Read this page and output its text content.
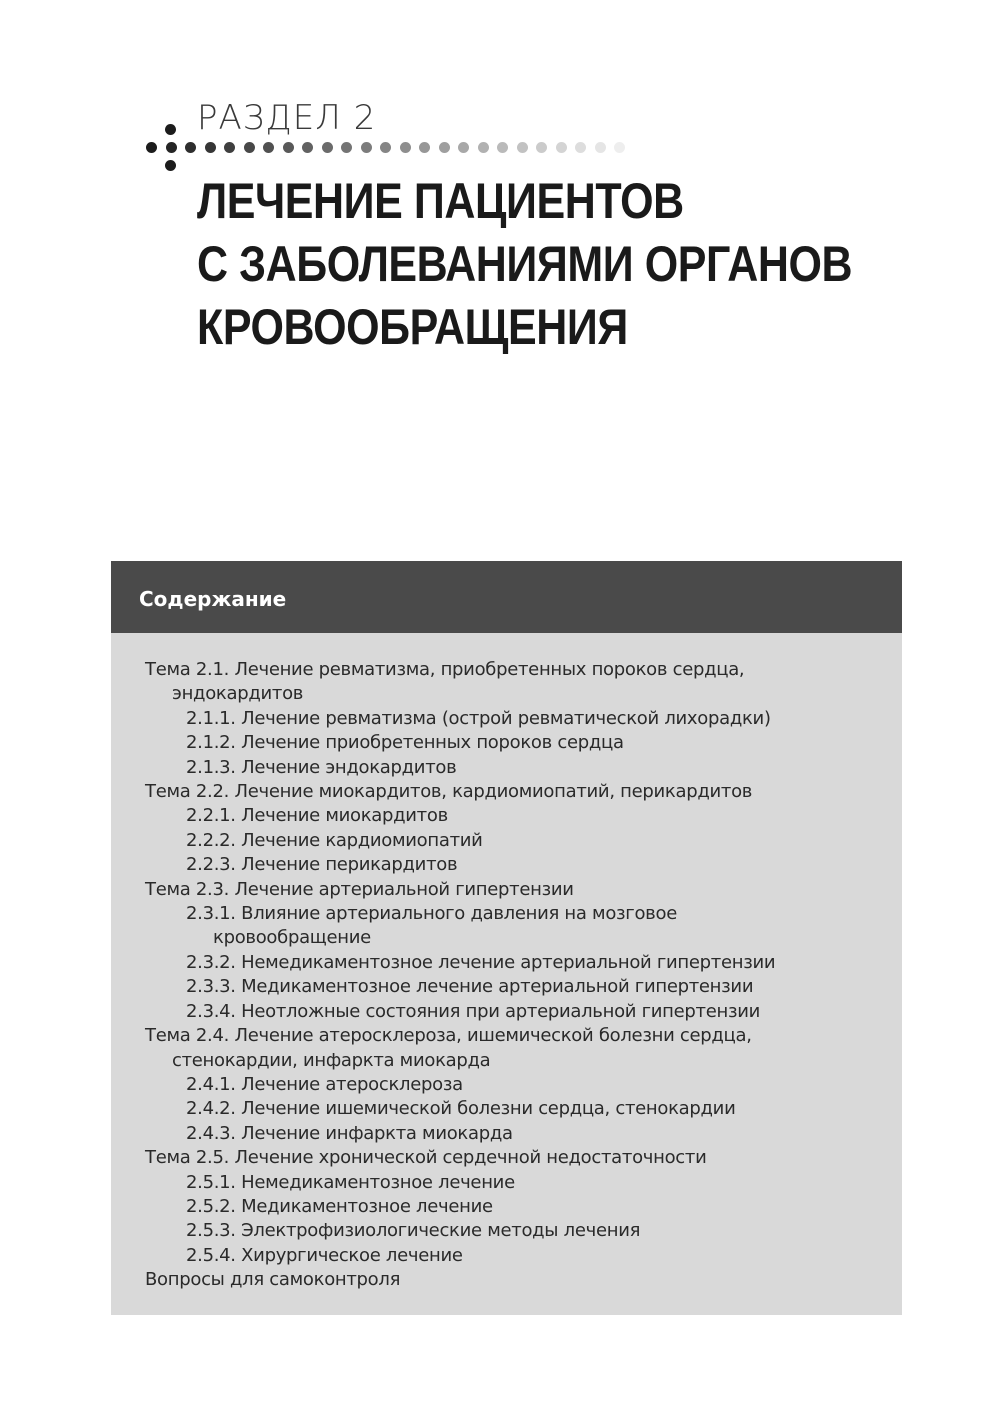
РАЗДЕЛ 2
ЛЕЧЕНИЕ ПАЦИЕНТОВ
С ЗАБОЛЕВАНИЯМИ ОРГАНОВ
КРОВООБРАЩЕНИЯ
Содержание
Тема 2.1. Лечение ревматизма, приобретенных пороков сердца,
эндокардитов
2.1.1. Лечение ревматизма (острой ревматической лихорадки)
2.1.2. Лечение приобретенных пороков сердца
2.1.3. Лечение эндокардитов
Тема 2.2. Лечение миокардитов, кардиомиопатий, перикардитов
2.2.1. Лечение миокардитов
2.2.2. Лечение кардиомиопатий
2.2.3. Лечение перикардитов
Тема 2.3. Лечение артериальной гипертензии
2.3.1. Влияние артериального давления на мозговое
кровообращение
2.3.2. Немедикаментозное лечение артериальной гипертензии
2.3.3. Медикаментозное лечение артериальной гипертензии
2.3.4. Неотложные состояния при артериальной гипертензии
Тема 2.4. Лечение атеросклероза, ишемической болезни сердца,
стенокардии, инфаркта миокарда
2.4.1. Лечение атеросклероза
2.4.2. Лечение ишемической болезни сердца, стенокардии
2.4.3. Лечение инфаркта миокарда
Тема 2.5. Лечение хронической сердечной недостаточности
2.5.1. Немедикаментозное лечение
2.5.2. Медикаментозное лечение
2.5.3. Электрофизиологические методы лечения
2.5.4. Хирургическое лечение
Вопросы для самоконтроля
